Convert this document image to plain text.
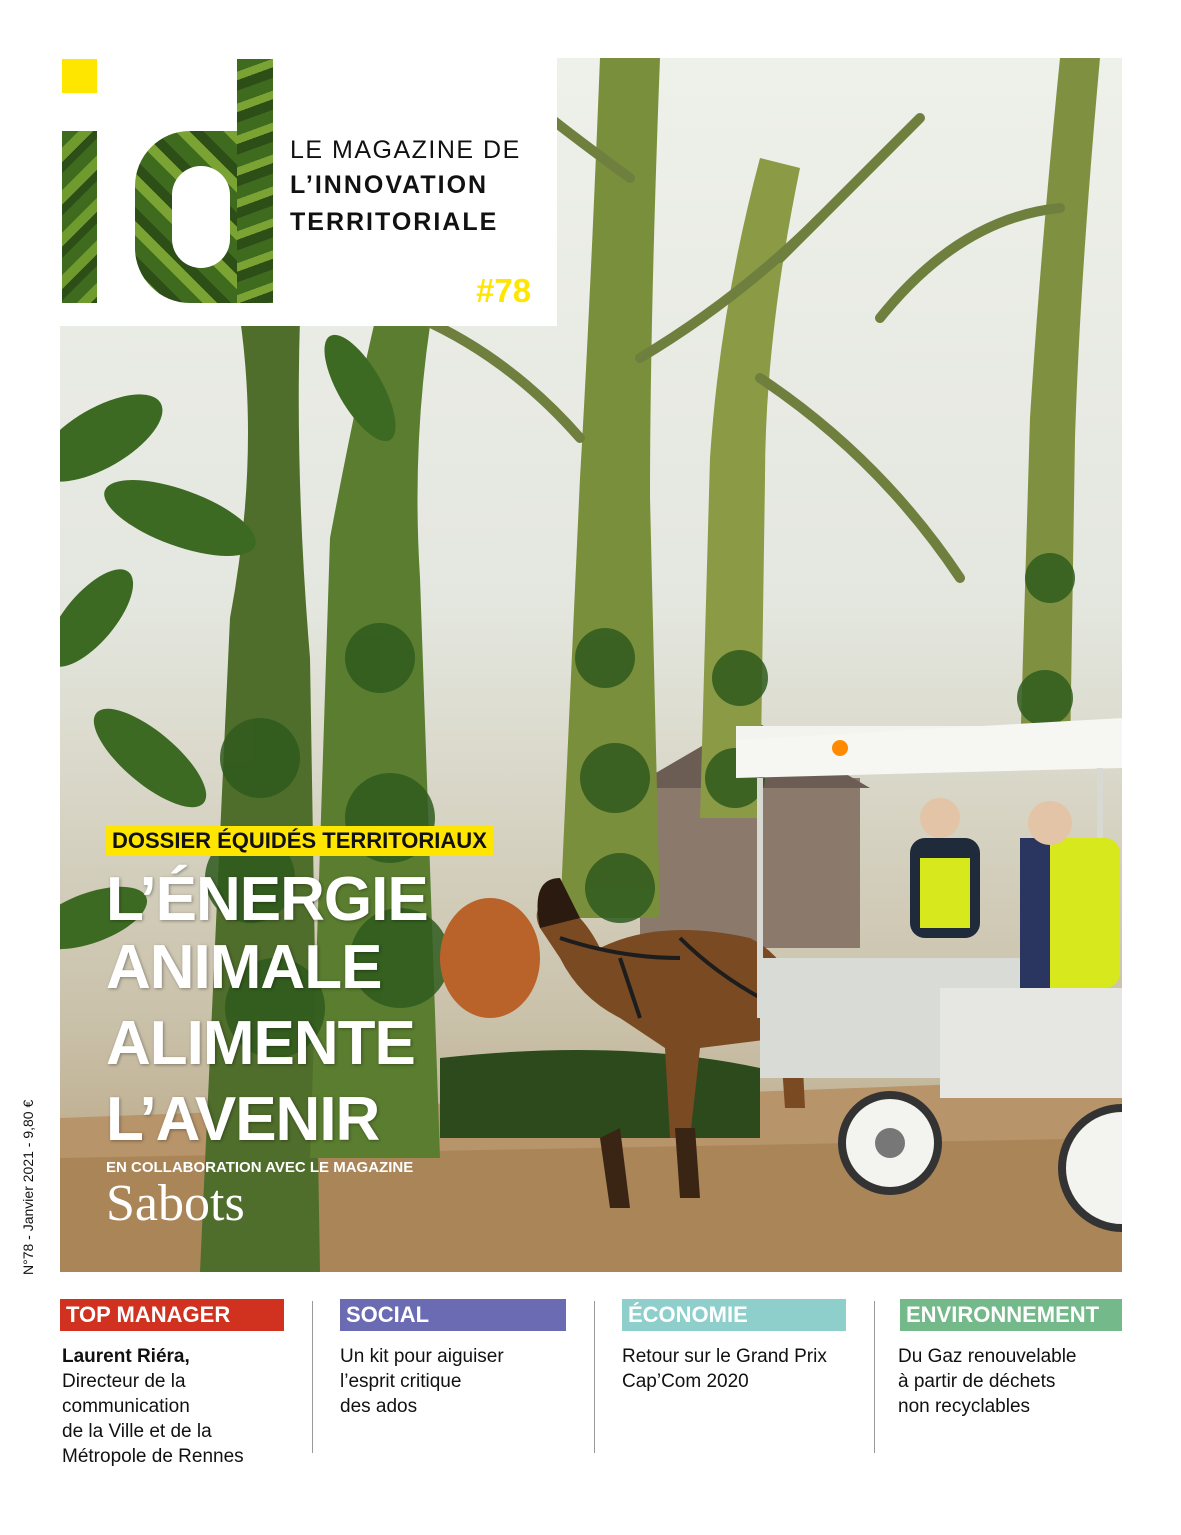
LE MAGAZINE DE
L’INNOVATION
TERRITORIALE
#78
DOSSIER ÉQUIDÉS TERRITORIAUX
L’ÉNERGIE
ANIMALE
ALIMENTE
L’AVENIR
EN COLLABORATION AVEC LE MAGAZINE
Sabots
N°78 - Janvier 2021 - 9,80 €
TOP MANAGER
Laurent Riéra,
Directeur de la
communication
de la Ville et de la
Métropole de Rennes
SOCIAL
Un kit pour aiguiser
l’esprit critique
des ados
ÉCONOMIE
Retour sur le Grand Prix
Cap’Com 2020
ENVIRONNEMENT
Du Gaz renouvelable
à partir de déchets
non recyclables
